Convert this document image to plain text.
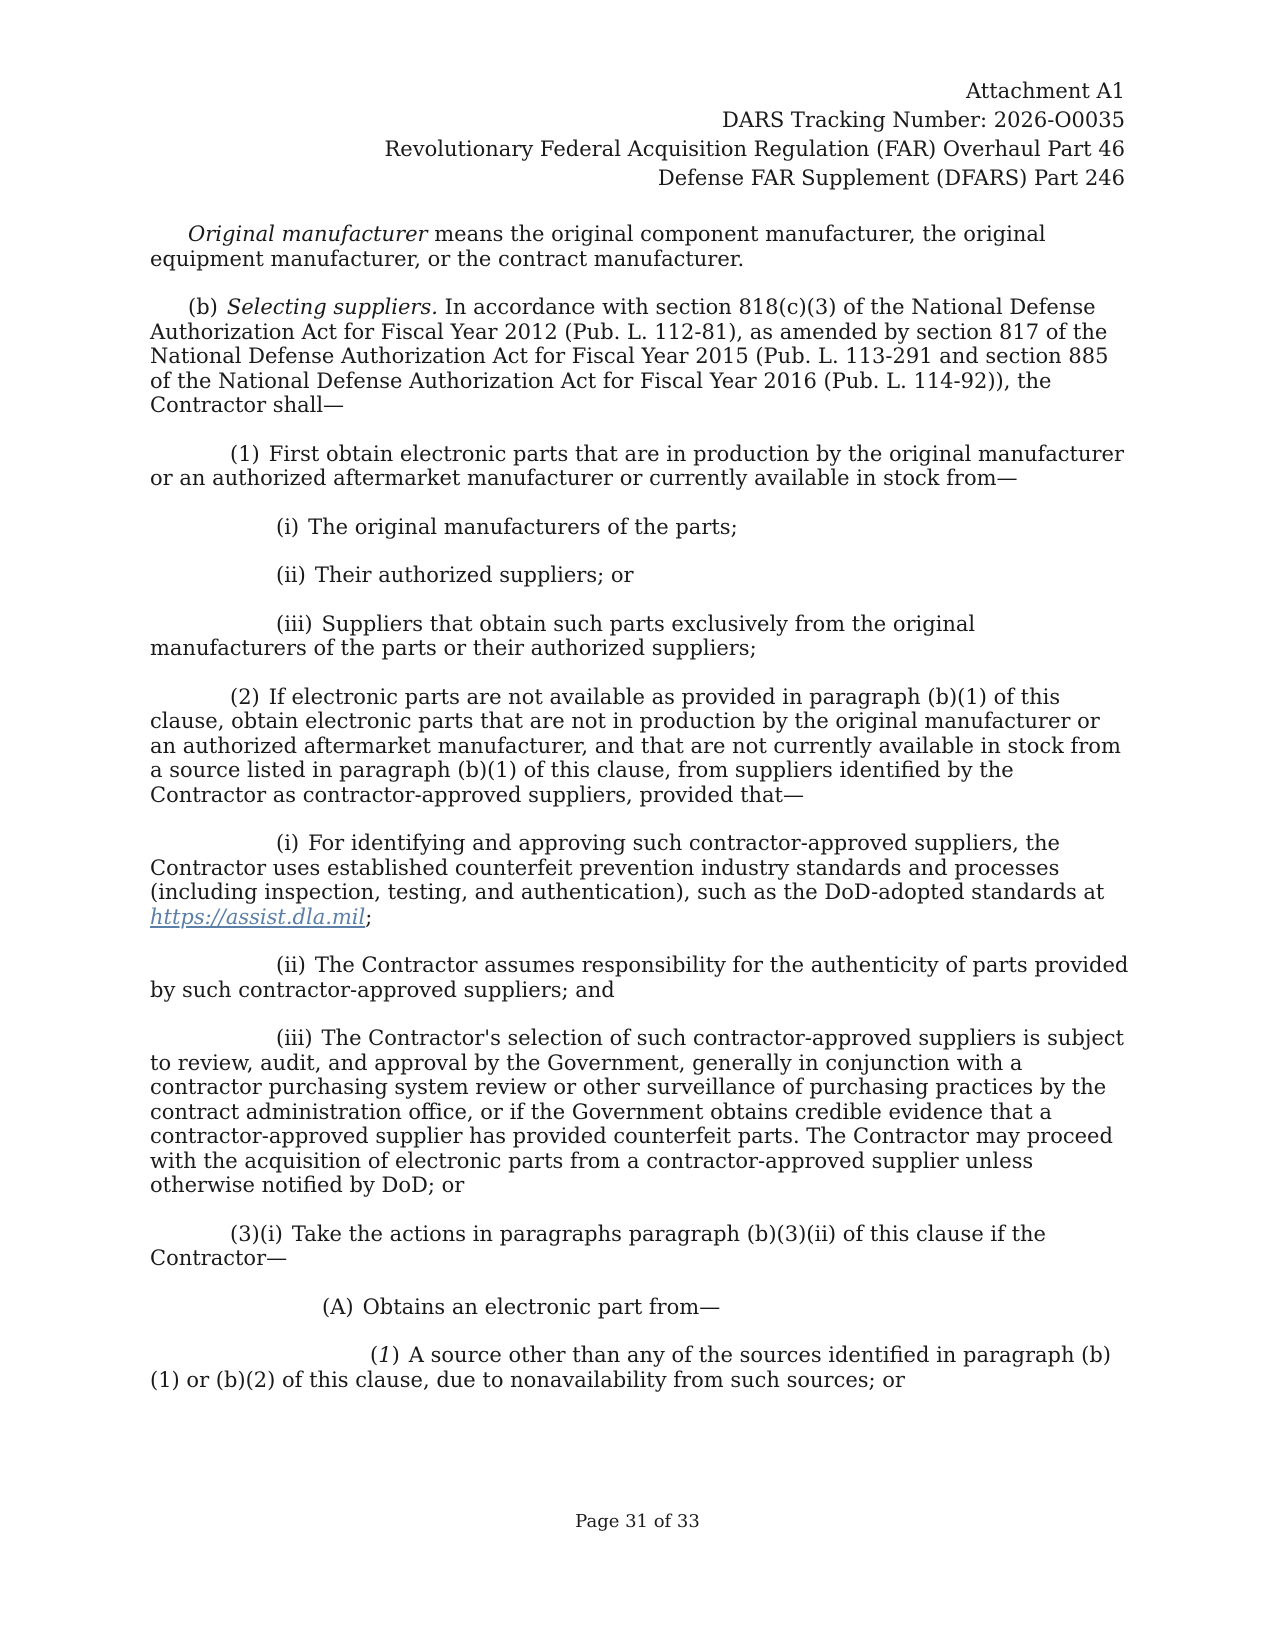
Attachment A1
DARS Tracking Number: 2026-O0035
Revolutionary Federal Acquisition Regulation (FAR) Overhaul Part 46
Defense FAR Supplement (DFARS) Part 246

Original manufacturer means the original component manufacturer, the original equipment manufacturer, or the contract manufacturer.

(b) Selecting suppliers. In accordance with section 818(c)(3) of the National Defense Authorization Act for Fiscal Year 2012 (Pub. L. 112-81), as amended by section 817 of the National Defense Authorization Act for Fiscal Year 2015 (Pub. L. 113-291 and section 885 of the National Defense Authorization Act for Fiscal Year 2016 (Pub. L. 114-92)), the Contractor shall—

(1) First obtain electronic parts that are in production by the original manufacturer or an authorized aftermarket manufacturer or currently available in stock from—

(i) The original manufacturers of the parts;

(ii) Their authorized suppliers; or

(iii) Suppliers that obtain such parts exclusively from the original manufacturers of the parts or their authorized suppliers;

(2) If electronic parts are not available as provided in paragraph (b)(1) of this clause, obtain electronic parts that are not in production by the original manufacturer or an authorized aftermarket manufacturer, and that are not currently available in stock from a source listed in paragraph (b)(1) of this clause, from suppliers identified by the Contractor as contractor-approved suppliers, provided that—

(i) For identifying and approving such contractor-approved suppliers, the Contractor uses established counterfeit prevention industry standards and processes (including inspection, testing, and authentication), such as the DoD-adopted standards at https://assist.dla.mil;

(ii) The Contractor assumes responsibility for the authenticity of parts provided by such contractor-approved suppliers; and

(iii) The Contractor's selection of such contractor-approved suppliers is subject to review, audit, and approval by the Government, generally in conjunction with a contractor purchasing system review or other surveillance of purchasing practices by the contract administration office, or if the Government obtains credible evidence that a contractor-approved supplier has provided counterfeit parts. The Contractor may proceed with the acquisition of electronic parts from a contractor-approved supplier unless otherwise notified by DoD; or

(3)(i) Take the actions in paragraphs paragraph (b)(3)(ii) of this clause if the Contractor—

(A) Obtains an electronic part from—

(1) A source other than any of the sources identified in paragraph (b)(1) or (b)(2) of this clause, due to nonavailability from such sources; or

Page 31 of 33
